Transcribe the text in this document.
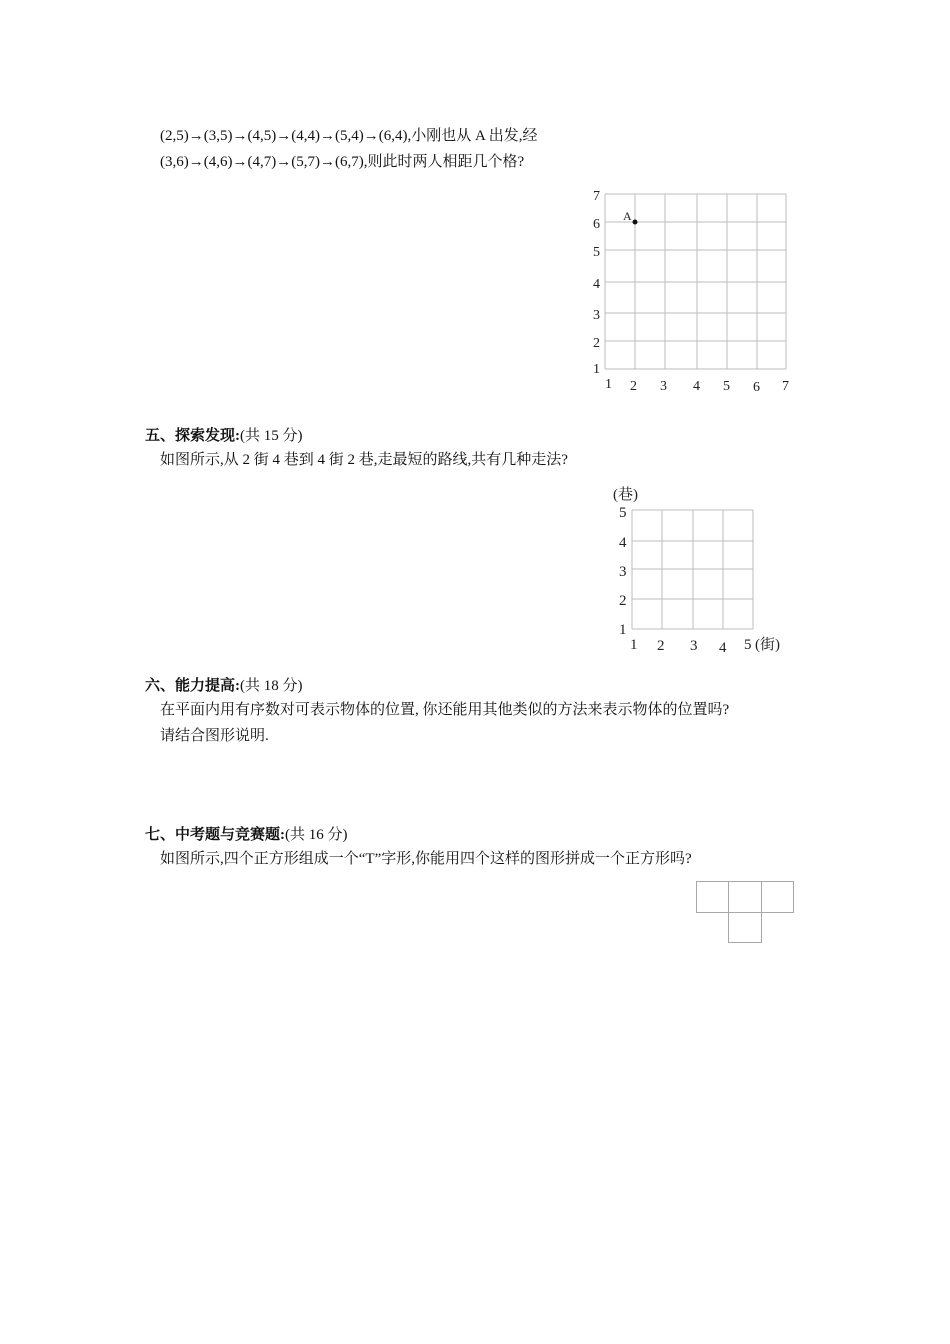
(2,5)→(3,5)→(4,5)→(4,4)→(5,4)→(6,4),小刚也从 A 出发,经
(3,6)→(4,6)→(4,7)→(5,7)→(6,7),则此时两人相距几个格?
7
6
5
4
3
2
1
1 2 3 4 5 6 7
A
五、探索发现:(共 15 分)
如图所示,从 2 街 4 巷到 4 街 2 巷,走最短的路线,共有几种走法?
(巷)
5
4
3
2
1
1 2 3 4 5 (街)
六、能力提高:(共 18 分)
在平面内用有序数对可表示物体的位置, 你还能用其他类似的方法来表示物体的位置吗?
请结合图形说明.
七、中考题与竞赛题:(共 16 分)
如图所示,四个正方形组成一个“T”字形,你能用四个这样的图形拼成一个正方形吗?
